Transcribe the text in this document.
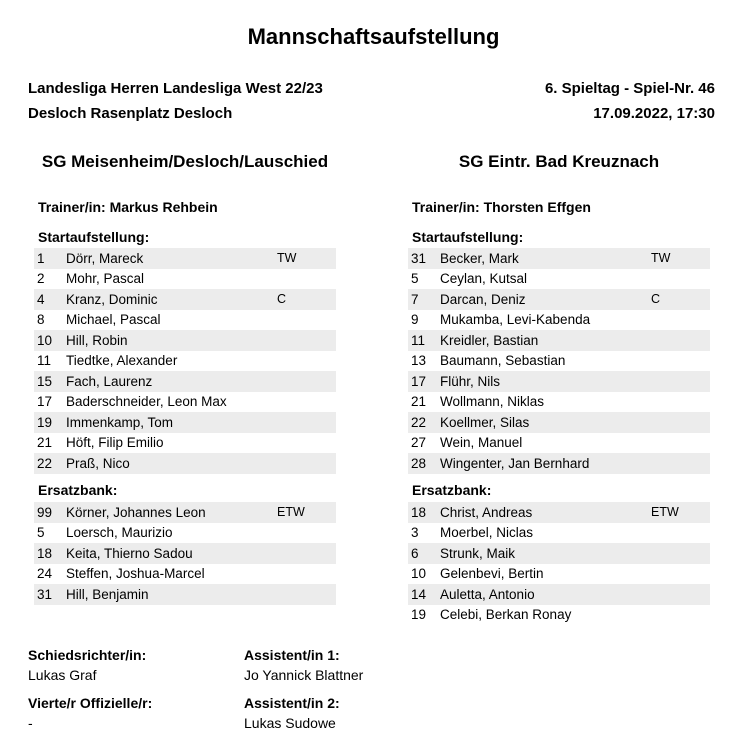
Mannschaftsaufstellung
Landesliga Herren Landesliga West 22/23
Desloch Rasenplatz Desloch
6. Spieltag - Spiel-Nr. 46
17.09.2022, 17:30
SG Meisenheim/Desloch/Lauschied
Trainer/in: Markus Rehbein
Startaufstellung:
1	Dörr, Mareck	TW
2	Mohr, Pascal
4	Kranz, Dominic	C
8	Michael, Pascal
10	Hill, Robin
11	Tiedtke, Alexander
15	Fach, Laurenz
17	Baderschneider, Leon Max
19	Immenkamp, Tom
21	Höft, Filip Emilio
22	Praß, Nico
Ersatzbank:
99	Körner, Johannes Leon	ETW
5	Loersch, Maurizio
18	Keita, Thierno Sadou
24	Steffen, Joshua-Marcel
31	Hill, Benjamin
SG Eintr. Bad Kreuznach
Trainer/in: Thorsten Effgen
Startaufstellung:
31	Becker, Mark	TW
5	Ceylan, Kutsal
7	Darcan, Deniz	C
9	Mukamba, Levi-Kabenda
11	Kreidler, Bastian
13	Baumann, Sebastian
17	Flühr, Nils
21	Wollmann, Niklas
22	Koellmer, Silas
27	Wein, Manuel
28	Wingenter, Jan Bernhard
Ersatzbank:
18	Christ, Andreas	ETW
3	Moerbel, Niclas
6	Strunk, Maik
10	Gelenbevi, Bertin
14	Auletta, Antonio
19	Celebi, Berkan Ronay
Schiedsrichter/in:
Lukas Graf
Assistent/in 1:
Jo Yannick Blattner
Vierte/r Offizielle/r:
-
Assistent/in 2:
Lukas Sudowe
